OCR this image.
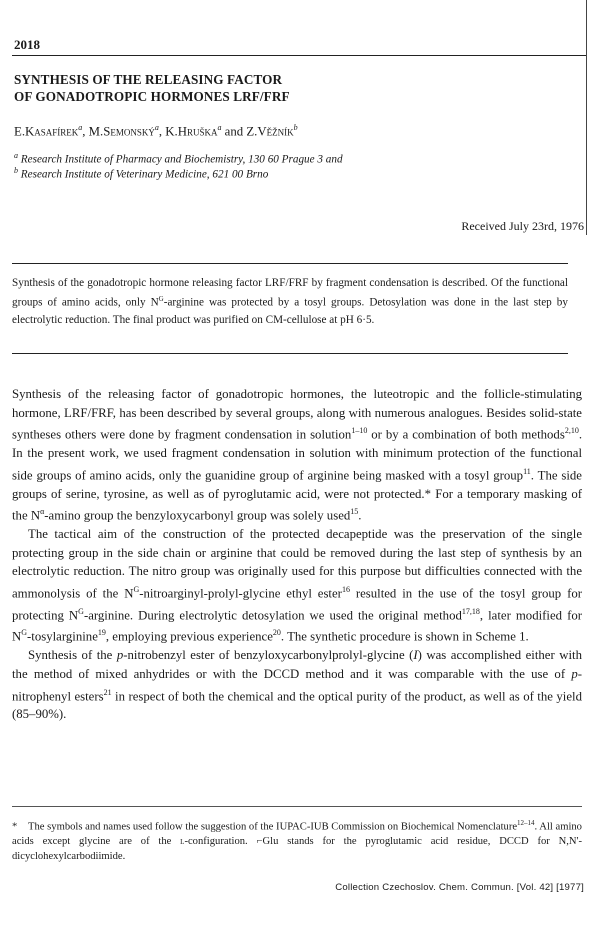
2018
SYNTHESIS OF THE RELEASING FACTOR
OF GONADOTROPIC HORMONES LRF/FRF
E.Kasafírek$^a$, M.Semonský$^a$, K.Hruška$^a$ and Z.Věžník$^b$
$^a$ Research Institute of Pharmacy and Biochemistry, 130 60 Prague 3 and
$^b$ Research Institute of Veterinary Medicine, 621 00 Brno
Received July 23rd, 1976
Synthesis of the gonadotropic hormone releasing factor LRF/FRF by fragment condensation is described. Of the functional groups of amino acids, only $N^G$-arginine was protected by a tosyl groups. Detosylation was done in the last step by electrolytic reduction. The final product was purified on CM-cellulose at pH 6·5.

Synthesis of the releasing factor of gonadotropic hormones, the luteotropic and the follicle-stimulating hormone, LRF/FRF, has been described by several groups, along with numerous analogues. Besides solid-state syntheses others were done by fragment condensation in solution$^{1-10}$ or by a combination of both methods$^{2,10}$. In the present work, we used fragment condensation in solution with minimum protection of the functional side groups of amino acids, only the guanidine group of arginine being masked with a tosyl group$^{11}$. The side groups of serine, tyrosine, as well as of pyroglutamic acid, were not protected.* For a temporary masking of the $N^\alpha$-amino group the benzyloxycarbonyl group was solely used$^{15}$.

The tactical aim of the construction of the protected decapeptide was the preservation of the single protecting group in the side chain or arginine that could be removed during the last step of synthesis by an electrolytic reduction. The nitro group was originally used for this purpose but difficulties connected with the ammonolysis of the $N^G-nitroarginyl-prolyl$-glycine ethyl ester$^{16}$ resulted in the use of the tosyl group for protecting $N^G$-arginine. During electrolytic detosylation we used the original method$^{17,18}$, later modified for $N^G-tosylarginine^{19}$, employing previous experience$^{20}$. The synthetic procedure is shown in Scheme 1.

Synthesis of the p-nitrobenzyl ester of benzyloxycarbonylprolyl-glycine (I) was accomplished either with the method of mixed anhydrides or with the DCCD method and it was comparable with the use of p-nitrophenyl esters$^{21}$ in respect of both the chemical and the optical purity of the product, as well as of the yield (85–90%).

*    The symbols and names used follow the suggestion of the IUPAC-IUB Commission on Biochemical Nomenclature$^{12-14}$. All amino acids except glycine are of the l-configuration. ⌐Glu stands for the pyroglutamic acid residue, DCCD for N,N'-dicyclohexylcarbodiimide.
Collection Czechoslov. Chem. Commun. [Vol. 42] [1977]
